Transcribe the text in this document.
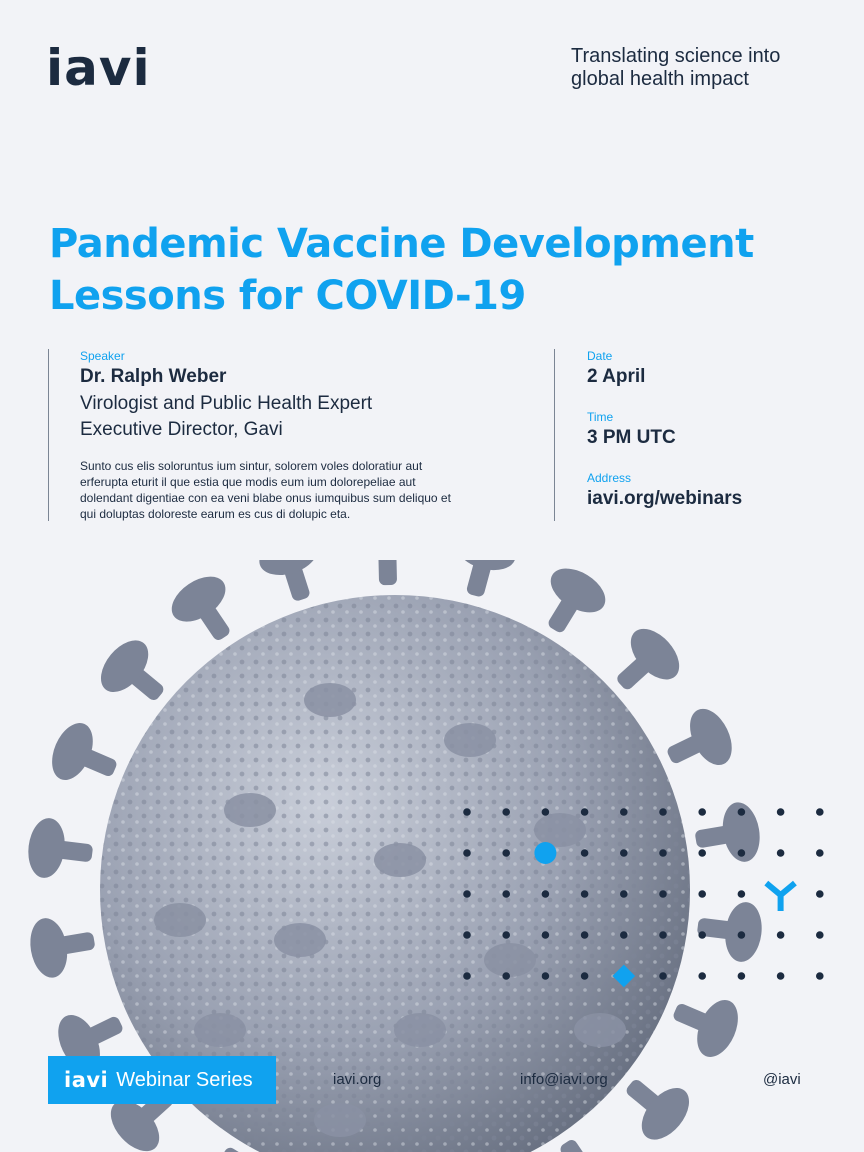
iavi	Translating science into global health impact
Pandemic Vaccine Development
Lessons for COVID-19
Speaker
Dr. Ralph Weber
Virologist and Public Health Expert
Executive Director, Gavi
Sunto cus elis soloruntus ium sintur, solorem voles doloratiur aut erferupta eturit il que estia que modis eum ium dolorepeliae aut dolendant digentiae con ea veni blabe onus iumquibus sum deliquo et qui doluptas doloreste earum es cus di dolupic eta.
Date
2 April
Time
3 PM UTC
Address
iavi.org/webinars
iavi Webinar Series	iavi.org	info@iavi.org	@iavi
